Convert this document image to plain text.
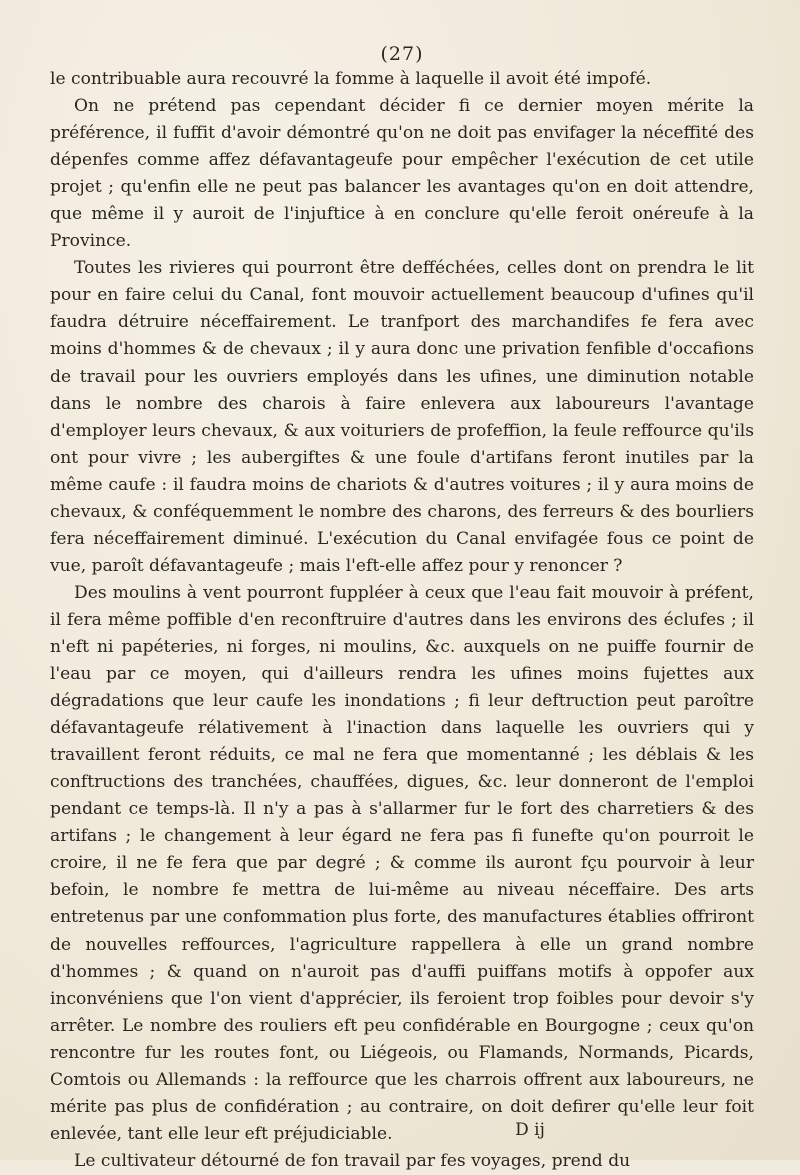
(27)

le contribuable aura recouvré la fomme à laquelle il avoit été impofé.

On ne prétend pas cependant décider fi ce dernier moyen mérite la préférence, il fuffit d'avoir démontré qu'on ne doit pas envifager la néceffité des dépenfes comme affez défavantageufe pour empêcher l'exécution de cet utile projet ; qu'enfin elle ne peut pas balancer les avantages qu'on en doit attendre, que même il y auroit de l'injuftice à en conclure qu'elle feroit onéreufe à la Province.

Toutes les rivieres qui pourront être defféchées, celles dont on prendra le lit pour en faire celui du Canal, font mouvoir actuellement beaucoup d'ufines qu'il faudra détruire néceffairement. Le tranfport des marchandifes fe fera avec moins d'hommes & de chevaux ; il y aura donc une privation fenfible d'occafions de travail pour les ouvriers employés dans les ufines, une diminution notable dans le nombre des charois à faire enlevera aux laboureurs l'avantage d'employer leurs chevaux, & aux voituriers de profeffion, la feule reffource qu'ils ont pour vivre ; les aubergiftes & une foule d'artifans feront inutiles par la même caufe : il faudra moins de chariots & d'autres voitures ; il y aura moins de chevaux, & conféquemment le nombre des charons, des ferreurs & des bourliers fera néceffairement diminué. L'exécution du Canal envifagée fous ce point de vue, paroît défavantageufe ; mais l'eft-elle affez pour y renoncer ?

Des moulins à vent pourront fuppléer à ceux que l'eau fait mouvoir à préfent, il fera même poffible d'en reconftruire d'autres dans les environs des éclufes ; il n'eft ni papéteries, ni forges, ni moulins, &c. auxquels on ne puiffe fournir de l'eau par ce moyen, qui d'ailleurs rendra les ufines moins fujettes aux dégradations que leur caufe les inondations ; fi leur deftruction peut paroître défavantageufe rélativement à l'inaction dans laquelle les ouvriers qui y travaillent feront réduits, ce mal ne fera que momentanné ; les déblais & les conftructions des tranchées, chauffées, digues, &c. leur donneront de l'emploi pendant ce temps-là. Il n'y a pas à s'allarmer fur le fort des charretiers & des artifans ; le changement à leur égard ne fera pas fi funefte qu'on pourroit le croire, il ne fe fera que par degré ; & comme ils auront fçu pourvoir à leur befoin, le nombre fe mettra de lui-même au niveau néceffaire. Des arts entretenus par une confommation plus forte, des manufactures établies offriront de nouvelles reffources, l'agriculture rappellera à elle un grand nombre d'hommes ; & quand on n'auroit pas d'auffi puiffans motifs à oppofer aux inconvéniens que l'on vient d'apprécier, ils feroient trop foibles pour devoir s'y arrêter. Le nombre des rouliers eft peu confidérable en Bourgogne ; ceux qu'on rencontre fur les routes font, ou Liégeois, ou Flamands, Normands, Picards, Comtois ou Allemands : la reffource que les charrois offrent aux laboureurs, ne mérite pas plus de confidération ; au contraire, on doit defirer qu'elle leur foit enlevée, tant elle leur eft préjudiciable.

Le cultivateur détourné de fon travail par fes voyages, prend du

D ij
